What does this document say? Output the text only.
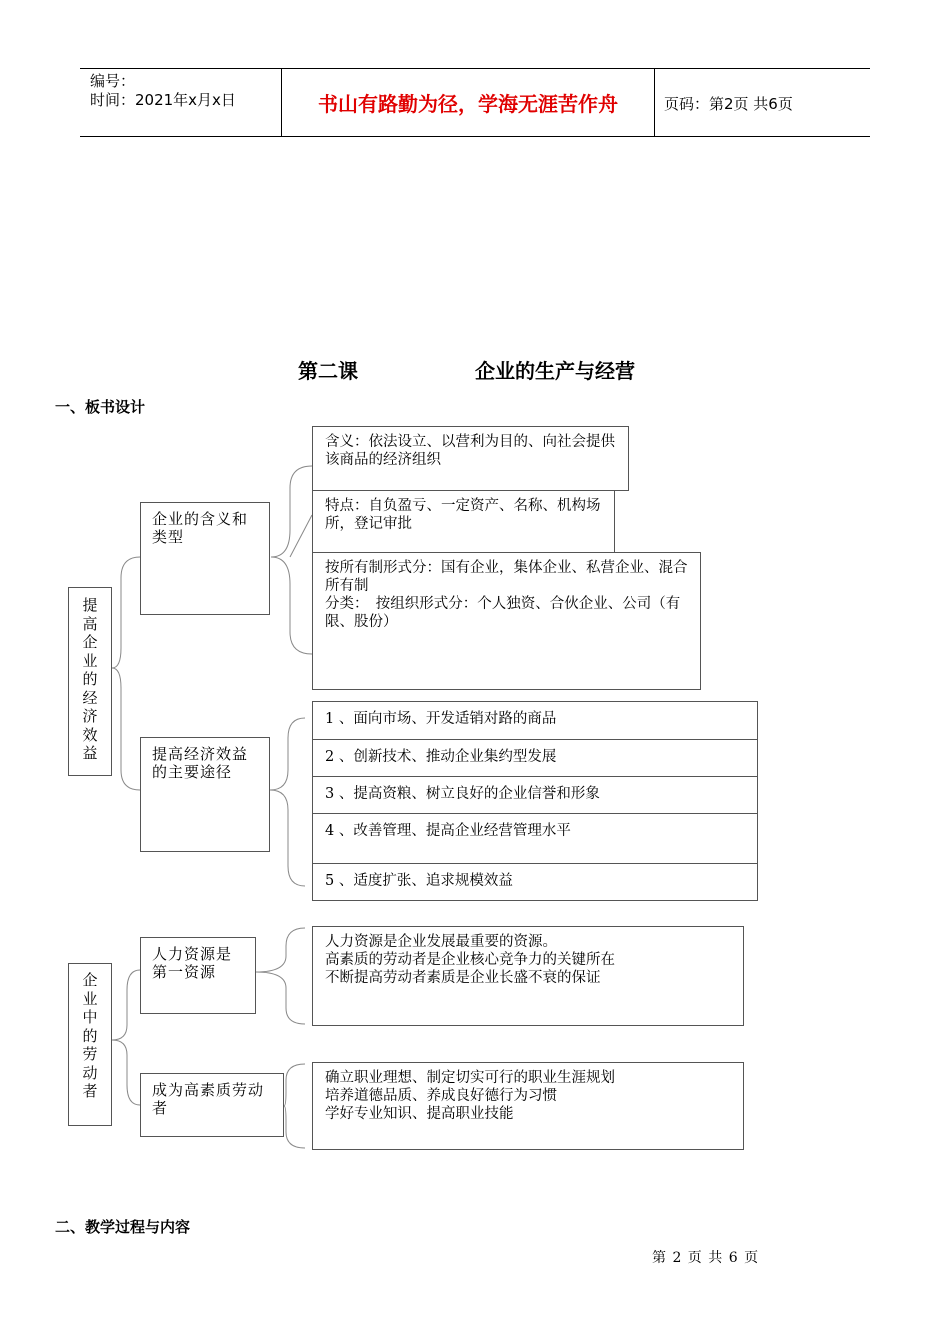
编号：
时间：2021年x月x日	书山有路勤为径，学海无涯苦作舟	页码：第2页 共6页
第二课	企业的生产与经营
一、板书设计
提高企业的经济效益
企业的含义和类型
含义：依法设立、以营利为目的、向社会提供该商品的经济组织
特点：自负盈亏、一定资产、名称、机构场所，登记审批
按所有制形式分：国有企业，集体企业、私营企业、混合所有制
分类：　按组织形式分：个人独资、合伙企业、公司（有限、股份）
提高经济效益的主要途径
1 、面向市场、开发适销对路的商品
2 、创新技术、推动企业集约型发展
3 、提高资粮、树立良好的企业信誉和形象
4 、改善管理、提高企业经营管理水平
5 、适度扩张、追求规模效益
企业中的劳动者
人力资源是第一资源
人力资源是企业发展最重要的资源。
高素质的劳动者是企业核心竞争力的关键所在
不断提高劳动者素质是企业长盛不衰的保证
成为高素质劳动者
确立职业理想、制定切实可行的职业生涯规划
培养道德品质、养成良好德行为习惯
学好专业知识、提高职业技能
二、教学过程与内容
第 2 页 共 6 页
